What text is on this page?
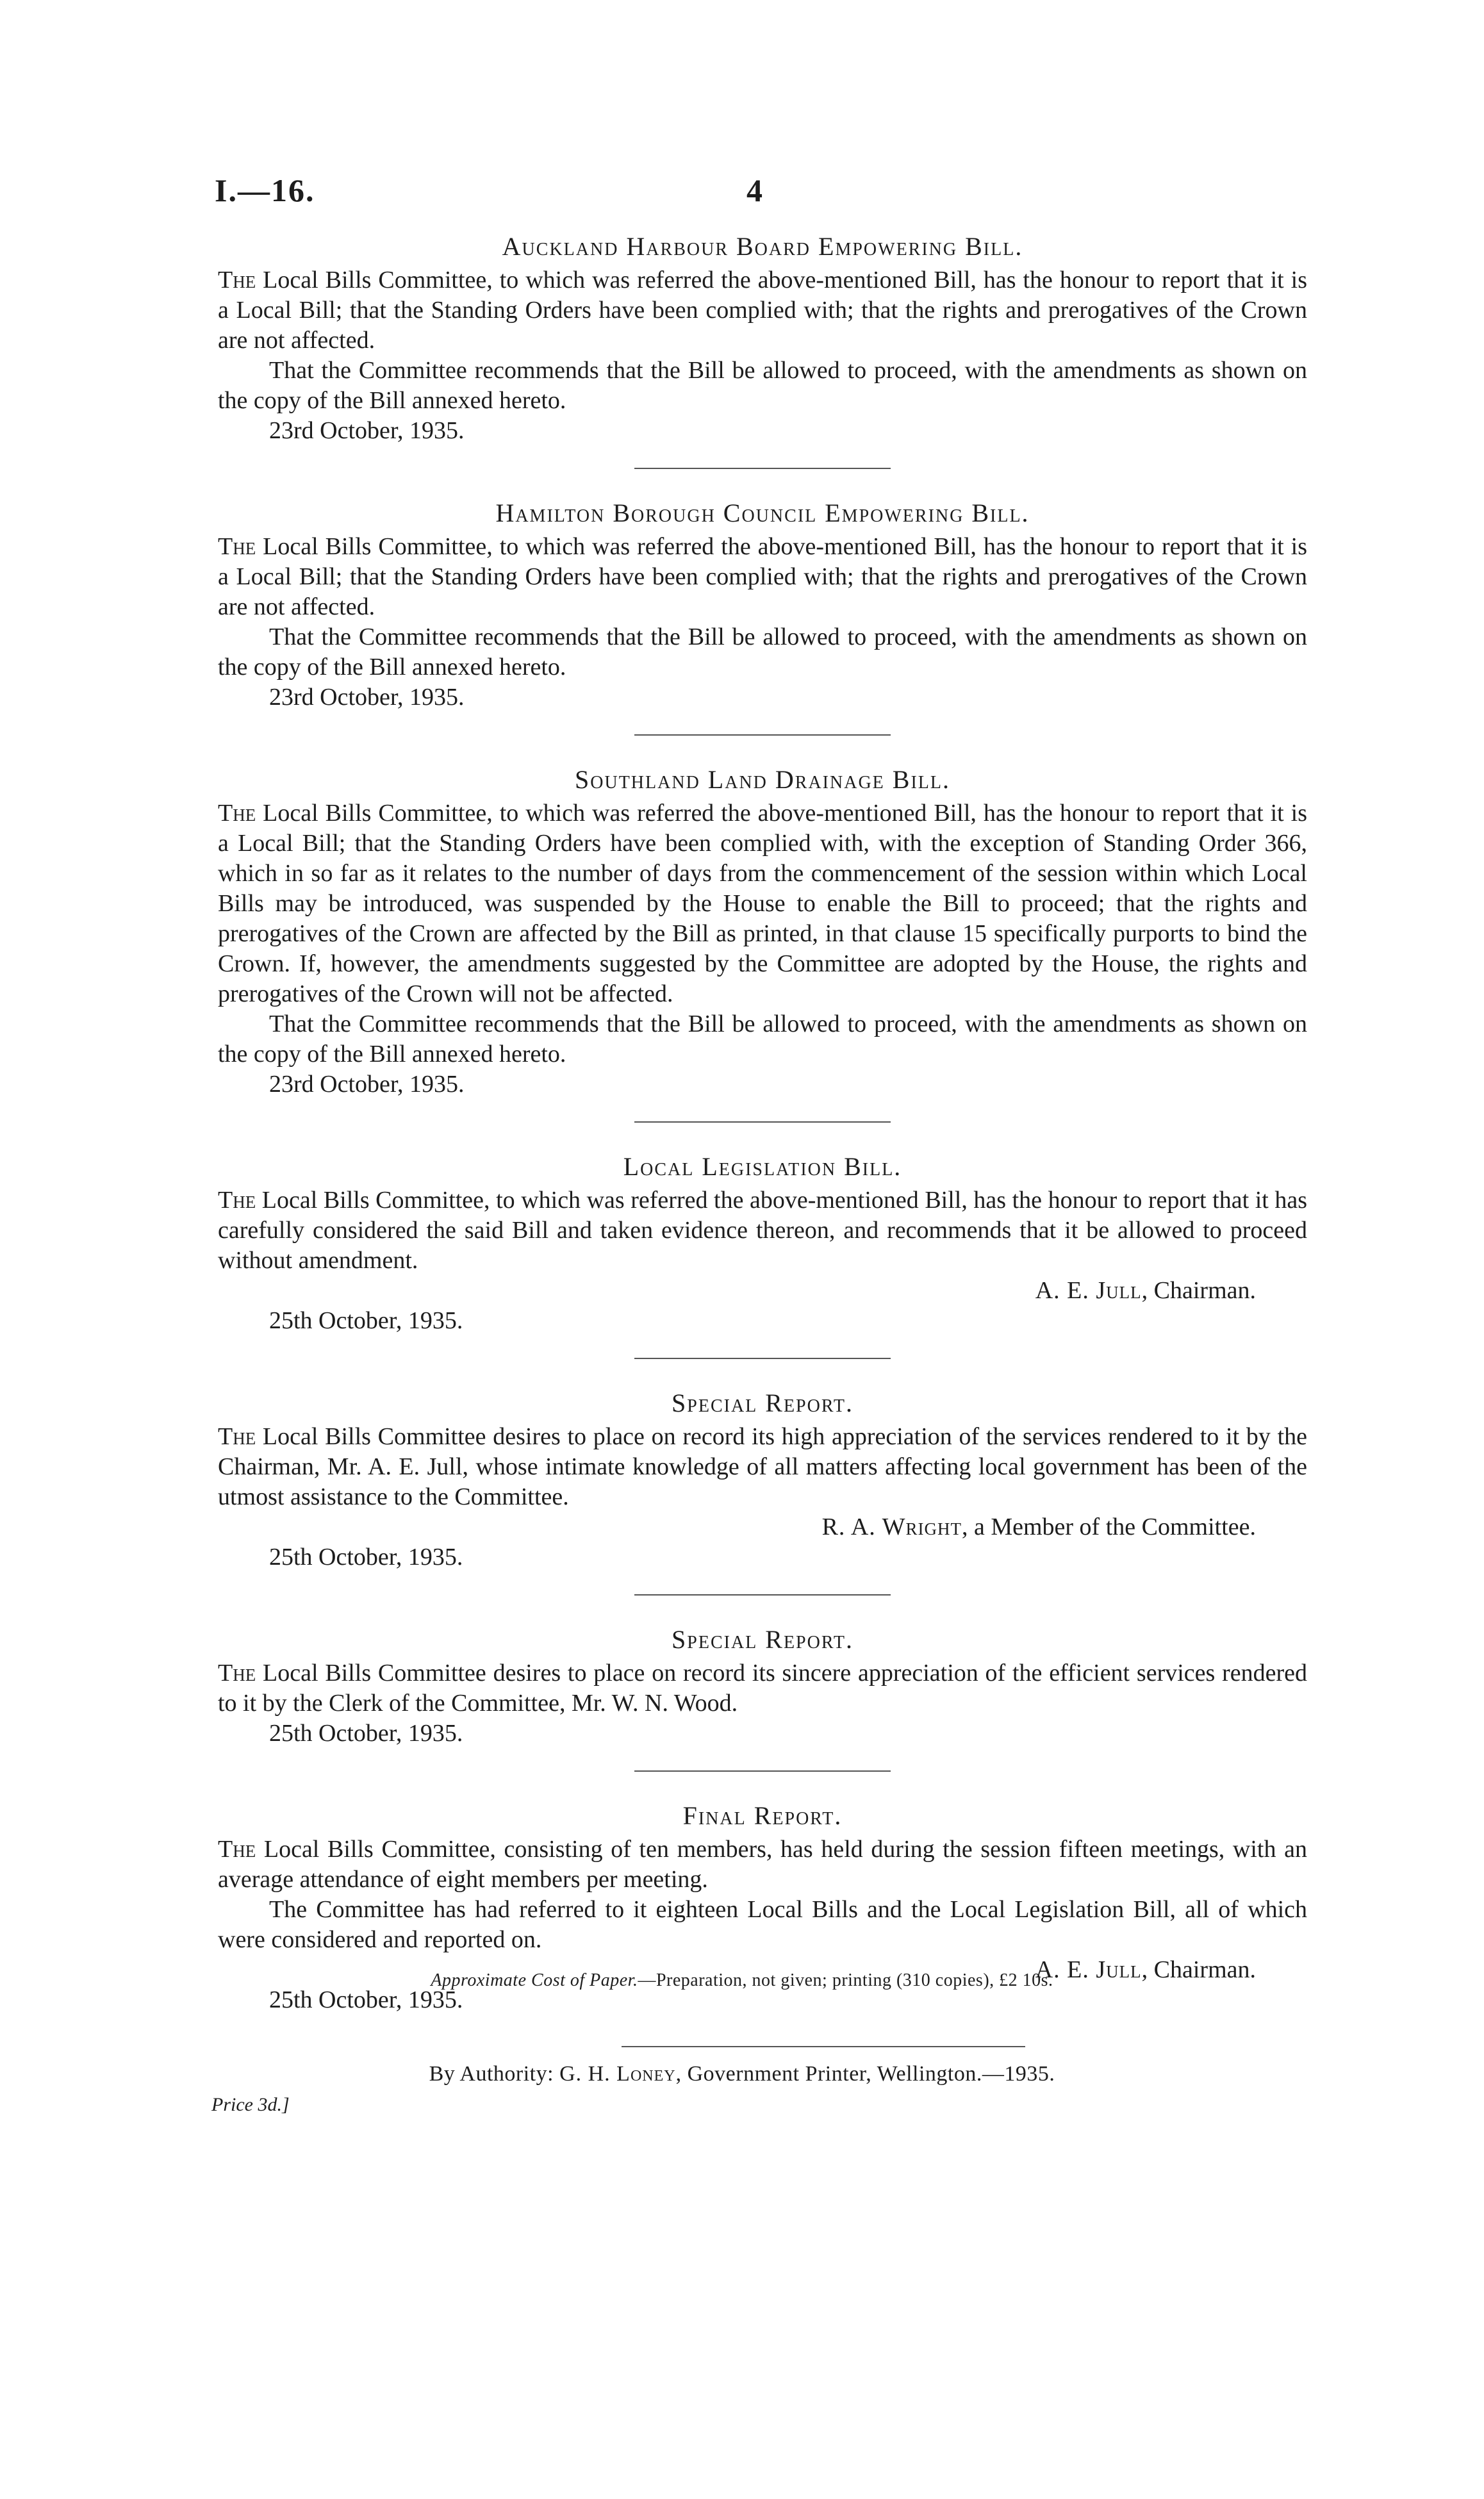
I.—16.	4
Auckland Harbour Board Empowering Bill.

The Local Bills Committee, to which was referred the above-mentioned Bill, has the honour to report that it is a Local Bill; that the Standing Orders have been complied with; that the rights and prerogatives of the Crown are not affected.

That the Committee recommends that the Bill be allowed to proceed, with the amendments as shown on the copy of the Bill annexed hereto.

23rd October, 1935.
Hamilton Borough Council Empowering Bill.

The Local Bills Committee, to which was referred the above-mentioned Bill, has the honour to report that it is a Local Bill; that the Standing Orders have been complied with; that the rights and prerogatives of the Crown are not affected.

That the Committee recommends that the Bill be allowed to proceed, with the amendments as shown on the copy of the Bill annexed hereto.

23rd October, 1935.
Southland Land Drainage Bill.

The Local Bills Committee, to which was referred the above-mentioned Bill, has the honour to report that it is a Local Bill; that the Standing Orders have been complied with, with the exception of Standing Order 366, which in so far as it relates to the number of days from the commencement of the session within which Local Bills may be introduced, was suspended by the House to enable the Bill to proceed; that the rights and prerogatives of the Crown are affected by the Bill as printed, in that clause 15 specifically purports to bind the Crown. If, however, the amendments suggested by the Committee are adopted by the House, the rights and prerogatives of the Crown will not be affected.

That the Committee recommends that the Bill be allowed to proceed, with the amendments as shown on the copy of the Bill annexed hereto.

23rd October, 1935.
Local Legislation Bill.

The Local Bills Committee, to which was referred the above-mentioned Bill, has the honour to report that it has carefully considered the said Bill and taken evidence thereon, and recommends that it be allowed to proceed without amendment.

A. E. Jull, Chairman.
25th October, 1935.
Special Report.

The Local Bills Committee desires to place on record its high appreciation of the services rendered to it by the Chairman, Mr. A. E. Jull, whose intimate knowledge of all matters affecting local government has been of the utmost assistance to the Committee.

R. A. Wright, a Member of the Committee.
25th October, 1935.
Special Report.

The Local Bills Committee desires to place on record its sincere appreciation of the efficient services rendered to it by the Clerk of the Committee, Mr. W. N. Wood.

25th October, 1935.
Final Report.

The Local Bills Committee, consisting of ten members, has held during the session fifteen meetings, with an average attendance of eight members per meeting.

The Committee has had referred to it eighteen Local Bills and the Local Legislation Bill, all of which were considered and reported on.

A. E. Jull, Chairman.
25th October, 1935.
Approximate Cost of Paper.—Preparation, not given; printing (310 copies), £2 10s.
By Authority: G. H. Loney, Government Printer, Wellington.—1935.
Price 3d.]
